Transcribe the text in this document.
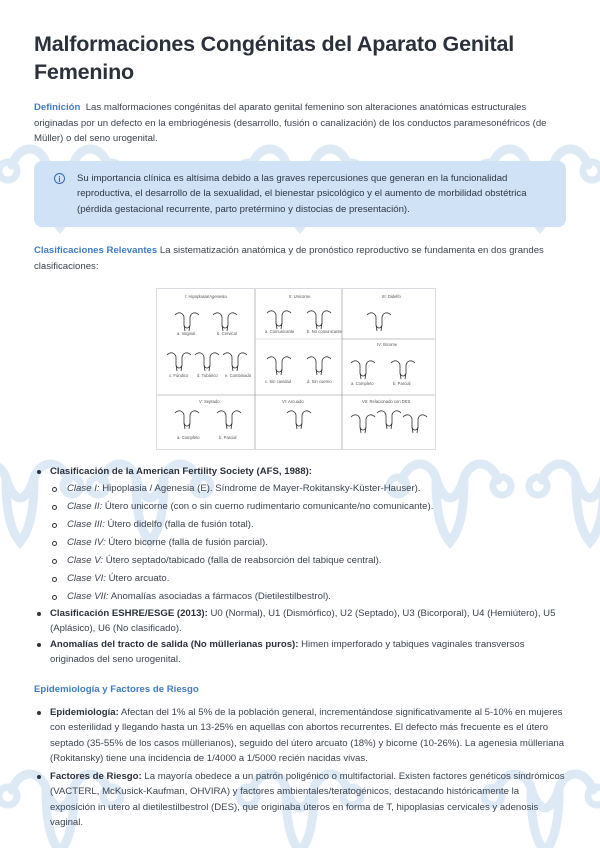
Malformaciones Congénitas del Aparato Genital Femenino

Definición Las malformaciones congénitas del aparato genital femenino son alteraciones anatómicas estructurales originadas por un defecto en la embriogénesis (desarrollo, fusión o canalización) de los conductos paramesonéfricos (de Müller) o del seno urogenital.

i	Su importancia clínica es altísima debido a las graves repercusiones que generan en la funcionalidad reproductiva, el desarrollo de la sexualidad, el bienestar psicológico y el aumento de morbilidad obstétrica (pérdida gestacional recurrente, parto pretérmino y distocias de presentación).

Clasificaciones Relevantes La sistematización anatómica y de pronóstico reproductivo se fundamenta en dos grandes clasificaciones:

I: Hipoplasia/Agenesia	II: Unicorne	III: Didelfo
IV: Bicorne
V: Septado	VI: Arcuado	VII: Relacionado con DES
a. Vaginal	b. Cervical
c. Fúndico d. Tubárico e. Combinado
a. Comunicante	b. No comunicante
c. Sin cavidad	d. Sin cuerno	a. Completo	b. Parcial
a. Completo	b. Parcial
Clasificación de la American Fertility Society (AFS, 1988):
Clase I: Hipoplasia / Agenesia (E). Síndrome de Mayer-Rokitansky-Küster-Hauser).
Clase II: Útero unicorne (con o sin cuerno rudimentario comunicante/no comunicante).
Clase III: Útero didelfo (falla de fusión total).
Clase IV: Útero bicorne (falla de fusión parcial).
Clase V: Útero septado/tabicado (falla de reabsorción del tabique central).
Clase VI: Útero arcuato.
Clase VII: Anomalías asociadas a fármacos (Dietilestilbestrol).
Clasificación ESHRE/ESGE (2013): U0 (Normal), U1 (Dismórfico), U2 (Septado), U3 (Bicorporal), U4 (Hemiútero), U5 (Aplásico), U6 (No clasificado).
Anomalías del tracto de salida (No müllerianas puros): Himen imperforado y tabiques vaginales transversos originados del seno urogenital.

Epidemiología y Factores de Riesgo

Epidemiología: Afectan del 1% al 5% de la población general, incrementándose significativamente al 5-10% en mujeres con esterilidad y llegando hasta un 13-25% en aquellas con abortos recurrentes. El defecto más frecuente es el útero septado (35-55% de los casos müllerianos), seguido del útero arcuato (18%) y bicorne (10-26%). La agenesia mülleriana (Rokitansky) tiene una incidencia de 1/4000 a 1/5000 recién nacidas vivas.
Factores de Riesgo: La mayoría obedece a un patrón poligénico o multifactorial. Existen factores genéticos sindrómicos (VACTERL, McKusick-Kaufman, OHVIRA) y factores ambientales/teratogénicos, destacando históricamente la exposición in utero al dietilestilbestrol (DES), que originaba úteros en forma de T, hipoplasias cervicales y adenosis vaginal.
